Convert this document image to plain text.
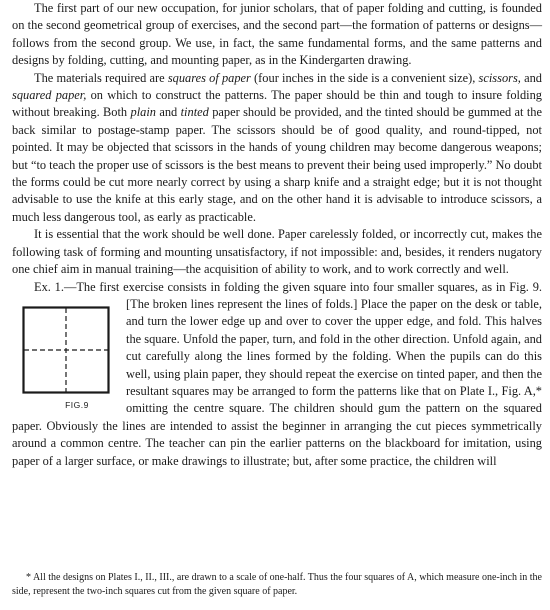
The first part of our new occupation, for junior scholars, that of paper folding and cutting, is founded on the second geometrical group of exercises, and the second part—the formation of patterns or designs—follows from the second group. We use, in fact, the same fundamental forms, and the same patterns and designs by folding, cutting, and mounting paper, as in the Kindergarten drawing.

The materials required are squares of paper (four inches in the side is a convenient size), scissors, and squared paper, on which to construct the patterns. The paper should be thin and tough to insure folding without breaking. Both plain and tinted paper should be provided, and the tinted should be gummed at the back similar to postage-stamp paper. The scissors should be of good quality, and round-tipped, not pointed. It may be objected that scissors in the hands of young children may become dangerous weapons; but “to teach the proper use of scissors is the best means to prevent their being used improperly.” No doubt the forms could be cut more nearly correct by using a sharp knife and a straight edge; but it is not thought advisable to use the knife at this early stage, and on the other hand it is advisable to introduce scissors, a much less dangerous tool, as early as practicable.

It is essential that the work should be well done. Paper carelessly folded, or incorrectly cut, makes the following task of forming and mounting unsatisfactory, if not impossible: and, besides, it renders nugatory one chief aim in manual training—the acquisition of ability to work, and to work correctly and well.

Ex. 1.—The first exercise consists in folding the given square into four smaller squares, as in Fig. 9. [The broken lines represent the lines of folds.]
FIG.9
Place the paper on the desk or table, and turn the lower edge up and over to cover the upper edge, and fold. This halves the square. Unfold the paper, turn, and fold in the other direction. Unfold again, and cut carefully along the lines formed by the folding. When the pupils can do this well, using plain paper, they should repeat the exercise on tinted paper, and then the resultant squares may be arranged to form the patterns like that on Plate I., Fig. A,* omitting the centre square. The children should gum the pattern on the squared paper. Obviously the lines are intended to assist the beginner in arranging the cut pieces symmetrically around a common centre. The teacher can pin the earlier patterns on the blackboard for imitation, using paper of a larger surface, or make drawings to illustrate; but, after some practice, the children will

* All the designs on Plates I., II., III., are drawn to a scale of one-half. Thus the four squares of A, which measure one-inch in the side, represent the two-inch squares cut from the given square of paper.
